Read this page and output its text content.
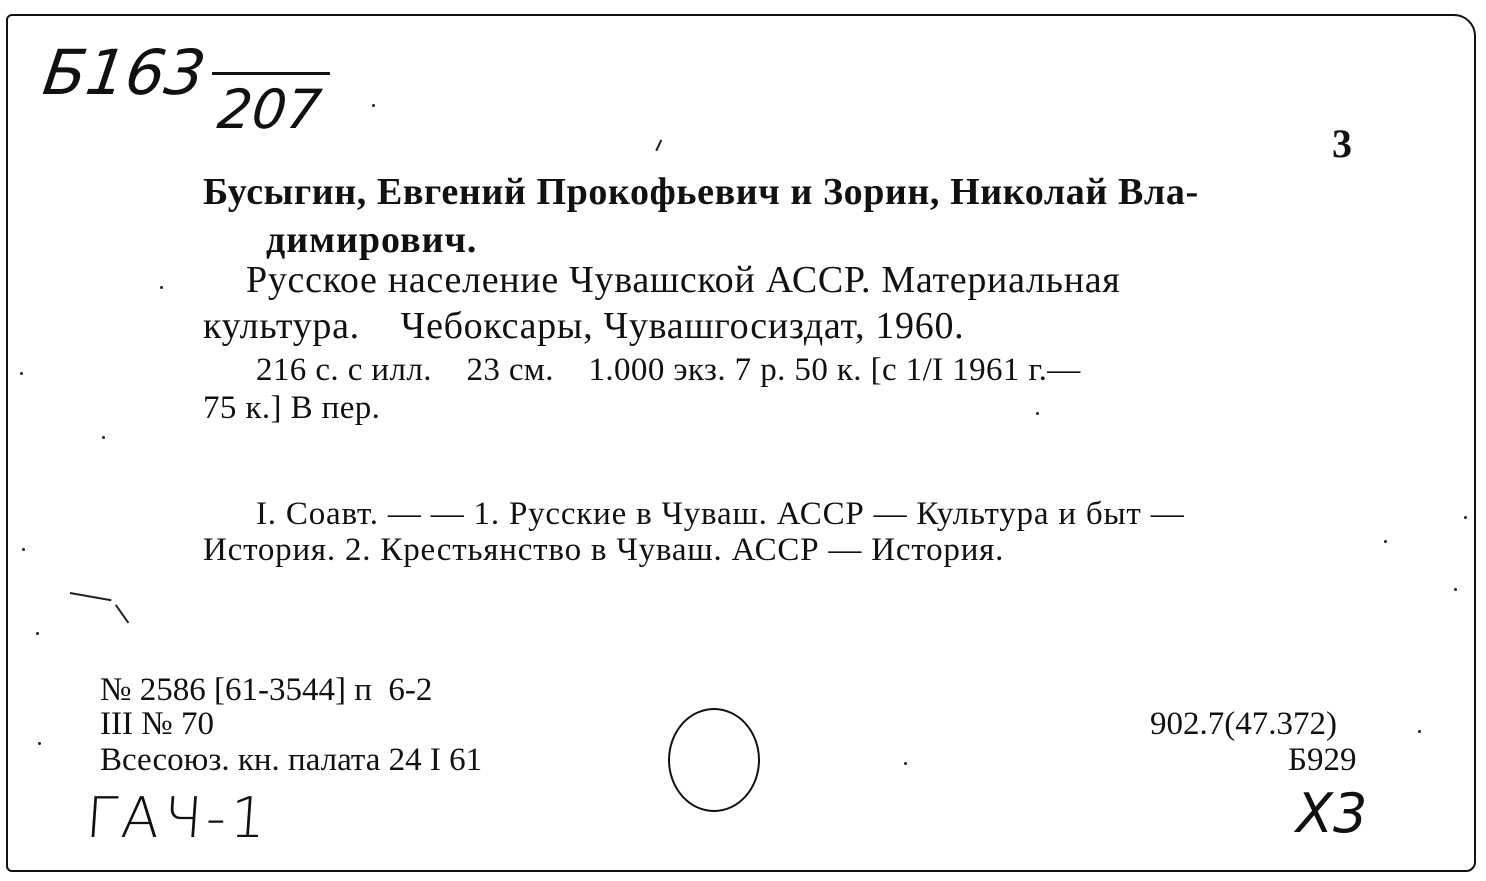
Б163
207
3
Бусыгин, Евгений Прокофьевич и Зорин, Николай Вла-
димирович.
Русское население Чувашской АССР. Материальная
культура.    Чебоксары, Чувашгосиздат, 1960.
216 с. с илл.    23 см.    1.000 экз. 7 р. 50 к. [с 1/I 1961 г.—
75 к.] В пер.
I. Соавт. — — 1. Русские в Чуваш. АССР — Культура и быт —
История. 2. Крестьянство в Чуваш. АССР — История.
№ 2586 [61-3544] п  6-2
III № 70
Всесоюз. кн. палата 24 I 61
902.7(47.372)
Б929
ГАЧ-1	Х3
